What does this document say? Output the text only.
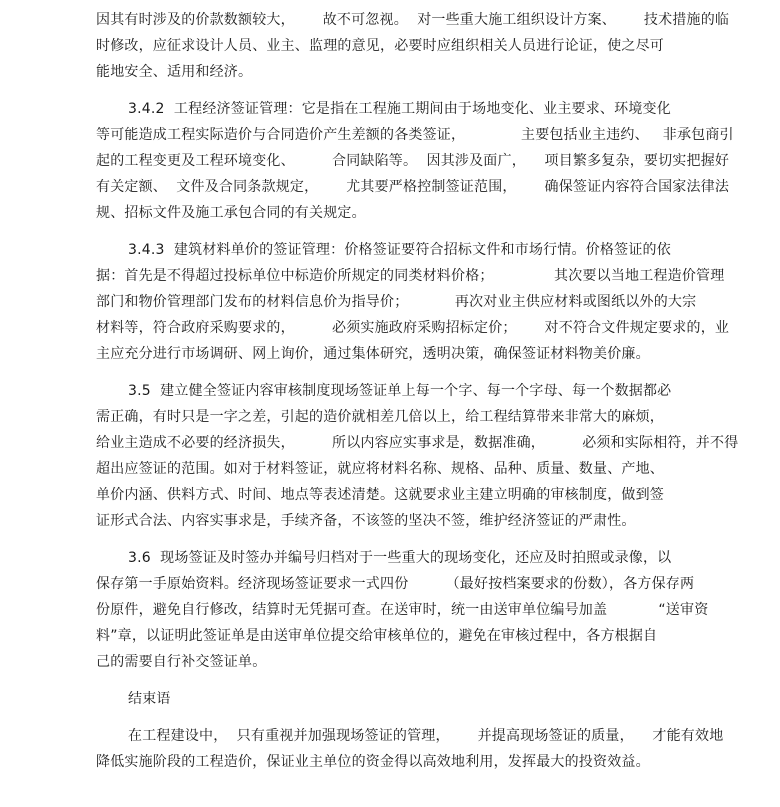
因其有时涉及的价款数额较大，      故不可忽视。  对一些重大施工组织设计方案、      技术措施的临
时修改，应征求设计人员、业主、监理的意见，必要时应组织相关人员进行论证，使之尽可
能地安全、适用和经济。
3.4.2  工程经济签证管理：它是指在工程施工期间由于场地变化、业主要求、环境变化
等可能造成工程实际造价与合同造价产生差额的各类签证，            主要包括业主违约、   非承包商引
起的工程变更及工程环境变化、        合同缺陷等。  因其涉及面广，    项目繁多复杂，要切实把握好
有关定额、  文件及合同条款规定，      尤其要严格控制签证范围，      确保签证内容符合国家法律法
规、招标文件及施工承包合同的有关规定。
3.4.3  建筑材料单价的签证管理：价格签证要符合招标文件和市场行情。价格签证的依
据：首先是不得超过投标单位中标造价所规定的同类材料价格；             其次要以当地工程造价管理
部门和物价管理部门发布的材料信息价为指导价；          再次对业主供应材料或图纸以外的大宗
材料等，符合政府采购要求的，        必须实施政府采购招标定价；      对不符合文件规定要求的，业
主应充分进行市场调研、网上询价，通过集体研究，透明决策，确保签证材料物美价廉。
3.5  建立健全签证内容审核制度现场签证单上每一个字、每一个字母、每一个数据都必
需正确，有时只是一字之差，引起的造价就相差几倍以上，给工程结算带来非常大的麻烦，
给业主造成不必要的经济损失，        所以内容应实事求是，数据准确，        必须和实际相符，并不得
超出应签证的范围。如对于材料签证，就应将材料名称、规格、品种、质量、数量、产地、
单价内涵、供料方式、时间、地点等表述清楚。这就要求业主建立明确的审核制度，做到签
证形式合法、内容实事求是，手续齐备，不该签的坚决不签，维护经济签证的严肃性。
3.6  现场签证及时签办并编号归档对于一些重大的现场变化，还应及时拍照或录像，以
保存第一手原始资料。经济现场签证要求一式四份        （最好按档案要求的份数），各方保存两
份原件，避免自行修改，结算时无凭据可查。在送审时，统一由送审单位编号加盖           “送审资
料”章，以证明此签证单是由送审单位提交给审核单位的，避免在审核过程中，各方根据自
己的需要自行补交签证单。
结束语
在工程建设中，  只有重视并加强现场签证的管理，      并提高现场签证的质量，    才能有效地
降低实施阶段的工程造价，保证业主单位的资金得以高效地利用，发挥最大的投资效益。
